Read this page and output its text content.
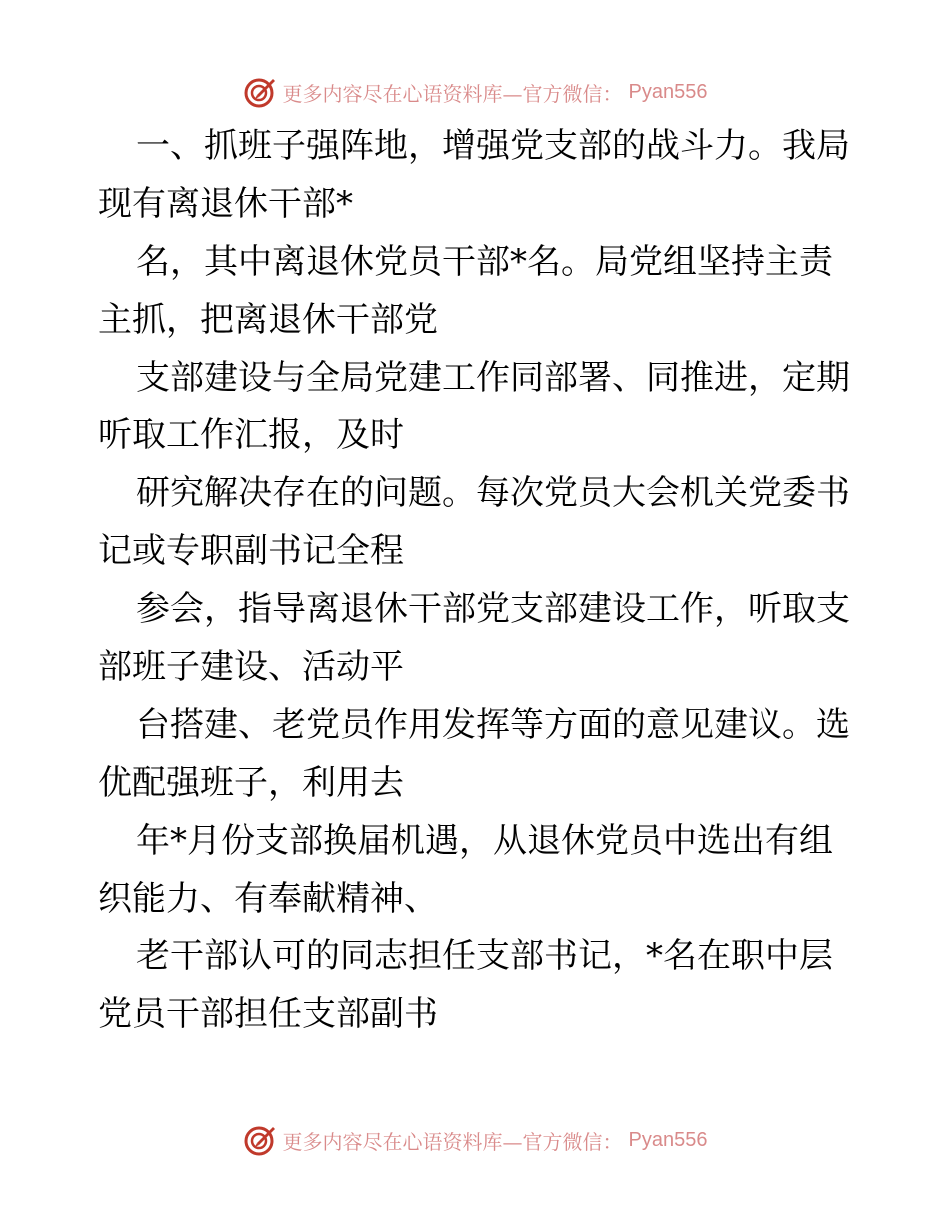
更多内容尽在心语资料库—官方微信： Pyan556
一、抓班子强阵地，增强党支部的战斗力。我局
现有离退休干部*
名，其中离退休党员干部*名。局党组坚持主责
主抓，把离退休干部党
支部建设与全局党建工作同部署、同推进，定期
听取工作汇报，及时
研究解决存在的问题。每次党员大会机关党委书
记或专职副书记全程
参会，指导离退休干部党支部建设工作，听取支
部班子建设、活动平
台搭建、老党员作用发挥等方面的意见建议。选
优配强班子，利用去
年*月份支部换届机遇，从退休党员中选出有组
织能力、有奉献精神、
老干部认可的同志担任支部书记，*名在职中层
党员干部担任支部副书
更多内容尽在心语资料库—官方微信： Pyan556
